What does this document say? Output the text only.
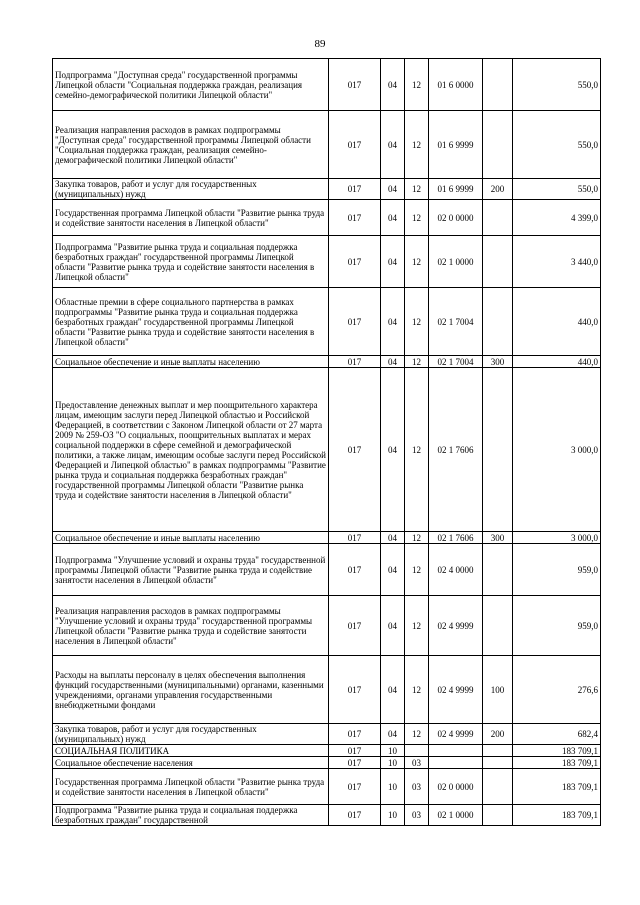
89
Подпрограмма "Доступная среда" государственной программы Липецкой области "Социальная поддержка граждан, реализация семейно-демографической политики Липецкой области"	017	04	12	01 6 0000		550,0
Реализация направления расходов в рамках подпрограммы "Доступная среда" государственной программы Липецкой области "Социальная поддержка граждан, реализация семейно-демографической политики Липецкой области"	017	04	12	01 6 9999		550,0
Закупка товаров, работ и услуг для государственных (муниципальных) нужд	017	04	12	01 6 9999	200	550,0
Государственная программа Липецкой области "Развитие рынка труда и содействие занятости населения в Липецкой области"	017	04	12	02 0 0000		4 399,0
Подпрограмма "Развитие рынка труда и социальная поддержка безработных граждан" государственной программы Липецкой области "Развитие рынка труда и содействие занятости населения в Липецкой области"	017	04	12	02 1 0000		3 440,0
Областные премии в сфере социального партнерства в рамках подпрограммы "Развитие рынка труда и социальная поддержка безработных граждан" государственной программы Липецкой области "Развитие рынка труда и содействие занятости населения в Липецкой области"	017	04	12	02 1 7004		440,0
Социальное обеспечение и иные выплаты населению	017	04	12	02 1 7004	300	440,0
Предоставление денежных выплат и мер поощрительного характера лицам, имеющим заслуги перед Липецкой областью и Российской Федерацией, в соответствии с Законом Липецкой области от 27 марта 2009 № 259-ОЗ "О социальных, поощрительных выплатах и мерах социальной поддержки в сфере семейной и демографической политики, а также лицам, имеющим особые заслуги перед Российской Федерацией и Липецкой областью" в рамках подпрограммы "Развитие рынка труда и социальная поддержка безработных граждан" государственной программы Липецкой области "Развитие рынка труда и содействие занятости населения в Липецкой области"	017	04	12	02 1 7606		3 000,0
Социальное обеспечение и иные выплаты населению	017	04	12	02 1 7606	300	3 000,0
Подпрограмма "Улучшение условий и охраны труда" государственной программы Липецкой области "Развитие рынка труда и содействие занятости населения в Липецкой области"	017	04	12	02 4 0000		959,0
Реализация направления расходов в рамках подпрограммы "Улучшение условий и охраны труда" государственной программы Липецкой области "Развитие рынка труда и содействие занятости населения в Липецкой области"	017	04	12	02 4 9999		959,0
Расходы на выплаты персоналу в целях обеспечения выполнения функций государственными (муниципальными) органами, казенными учреждениями, органами управления государственными внебюджетными фондами	017	04	12	02 4 9999	100	276,6
Закупка товаров, работ и услуг для государственных (муниципальных) нужд	017	04	12	02 4 9999	200	682,4
СОЦИАЛЬНАЯ ПОЛИТИКА	017	10				183 709,1
Социальное обеспечение населения	017	10	03			183 709,1
Государственная программа Липецкой области "Развитие рынка труда и содействие занятости населения в Липецкой области"	017	10	03	02 0 0000		183 709,1
Подпрограмма "Развитие рынка труда и социальная поддержка безработных граждан" государственной	017	10	03	02 1 0000		183 709,1
